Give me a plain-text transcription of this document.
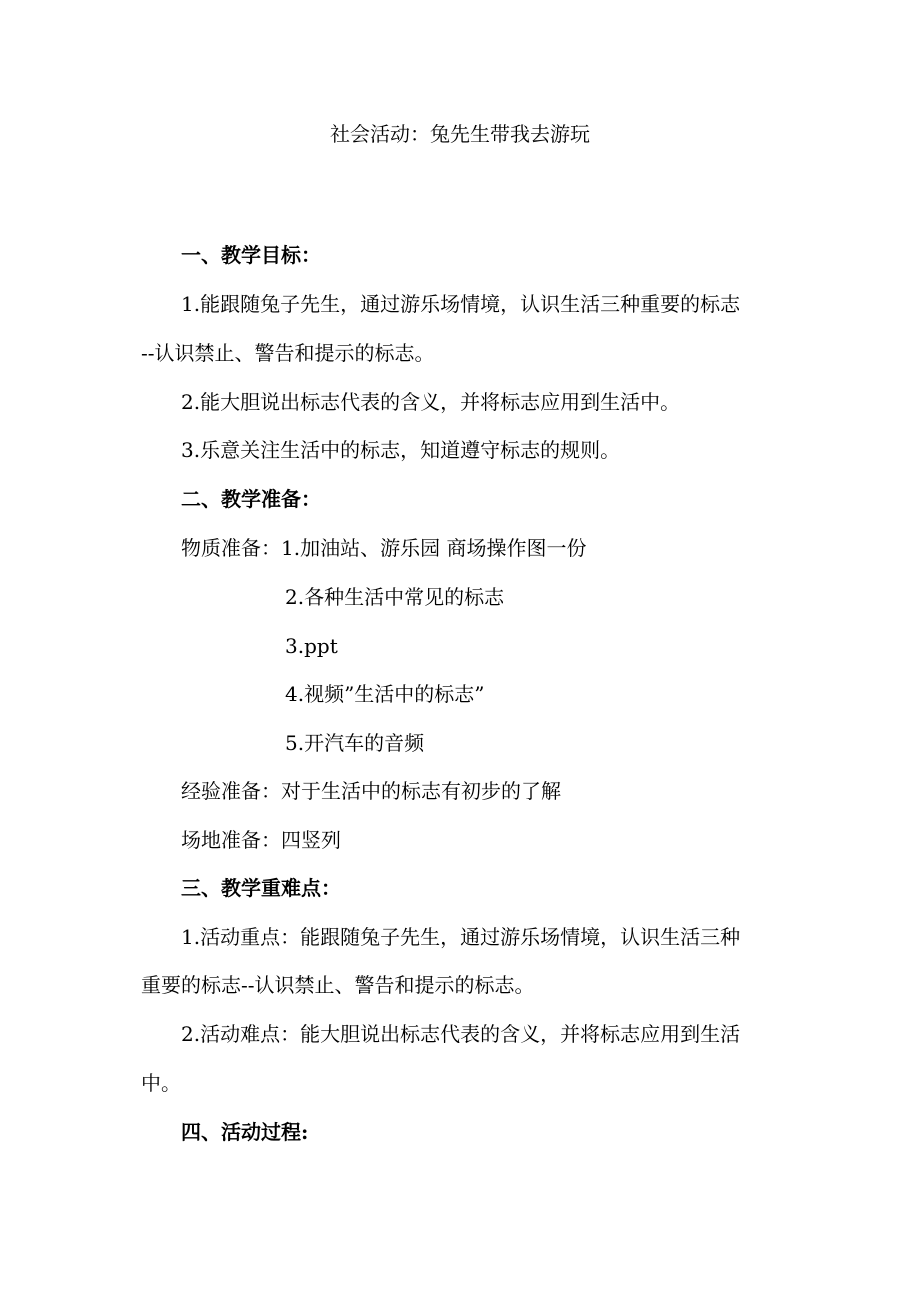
社会活动：兔先生带我去游玩
一、教学目标：
1.能跟随兔子先生，通过游乐场情境，认识生活三种重要的标志
--认识禁止、警告和提示的标志。
2.能大胆说出标志代表的含义，并将标志应用到生活中。
3.乐意关注生活中的标志，知道遵守标志的规则。
二、教学准备：
物质准备：1.加油站、游乐园 商场操作图一份
2.各种生活中常见的标志
3.ppt
4.视频”生活中的标志”
5.开汽车的音频
经验准备：对于生活中的标志有初步的了解
场地准备：四竖列
三、教学重难点：
1.活动重点：能跟随兔子先生，通过游乐场情境，认识生活三种
重要的标志--认识禁止、警告和提示的标志。
2.活动难点：能大胆说出标志代表的含义，并将标志应用到生活
中。
四、活动过程:
